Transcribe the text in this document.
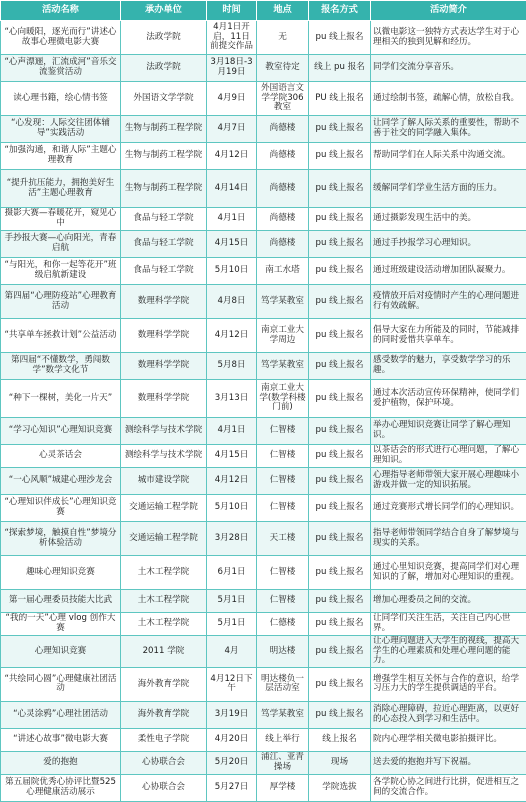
活动名称	承办单位	时间	地点	报名方式	活动简介
“心向暖阳，逐光而行”讲述心故事心理微电影大赛	法政学院	4月1日开启，11日前提交作品	无	pu 线上报名	以微电影这一独特方式表达学生对于心理相关的独到见解和经历。
“心声漂逦，汇流成河”音乐交流鉴赏活动	法政学院	3月18日-3月19日	教室待定	线上 pu 报名	同学们交流分享音乐。
读心理书籍，绘心情书签	外国语文学学院	4月9日	外国语言文学学院306教室	PU 线上报名	通过绘制书签，疏解心情，放松自我。
“心发现：人际交往团体辅导”实践活动	生物与制药工程学院	4月7日	尚德楼	pu 线上报名	让同学了解人际关系的重要性，帮助不善于社交的同学融入集体。
“加强沟通，和谐人际”主题心理教育	生物与制药工程学院	4月12日	尚德楼	pu 线上报名	帮助同学们在人际关系中沟通交流。
“提升抗压能力，拥抱美好生活”主题心理教育	生物与制药工程学院	4月14日	尚德楼	pu 线上报名	缓解同学们学业生活方面的压力。
摄影大赛—春暖花开，窥见心中	食品与轻工学院	4月1日	尚德楼	pu 线上报名	通过摄影发现生活中的美。
手抄报大赛—心向阳光，青春启航	食品与轻工学院	4月15日	尚德楼	pu 线上报名	通过手抄报学习心理知识。
“与阳光，和你一起等花开”班级启航新建设	食品与轻工学院	5月10日	南工水塔	pu 线上报名	通过班级建设活动增加团队凝聚力。
第四届“心理防疫站”心理教育活动	数理科学学院	4月8日	笃学某教室	pu 线上报名	疫情放开后对疫情时产生的心理问题进行有效疏解。
“共享单车拯救计划”公益活动	数理科学学院	4月12日	南京工业大学周边	pu 线上报名	倡导大家在力所能及的同时，节能减排的同时爱惜共享单车。
第四届“不懂数学，勇闯数学”数学文化节	数理科学学院	5月8日	笃学某教室	pu 线上报名	感受数学的魅力，享受数学学习的乐趣。
“种下一棵树，美化一片天”	数理科学学院	3月13日	南京工业大学(数学科楼门前)	pu 线上报名	通过本次活动宣传环保精神，使同学们爱护植物，保护环境。
“学习心知识”心理知识竞赛	测绘科学与技术学院	4月1日	仁智楼	pu 线上报名	举办心理知识竞赛让同学了解心理知识。
心灵茶话会	测绘科学与技术学院	4月15日	仁智楼	pu 线上报名	以茶话会的形式进行心理问题，了解心理知识。
“一心风顺”城建心理沙龙会	城市建设学院	4月12日	仁智楼	pu 线上报名	心理指导老师带领大家开展心理趣味小游戏并做一定的知识拓展。
“心理知识伴成长”心理知识竞赛	交通运输工程学院	5月10日	仁智楼	pu 线上报名	通过竞赛形式增长同学们的心理知识。
“探索梦境，触摸自性”梦境分析体验活动	交通运输工程学院	3月28日	天工楼	pu 线上报名	指导老师带领同学结合自身了解梦境与现实的关系。
趣味心理知识竞赛	土木工程学院	6月1日	仁智楼	pu 线上报名	通过心里知识竞赛，提高同学们对心理知识的了解，增加对心理知识的重视。
第一届心理委员技能大比武	土木工程学院	5月1日	仁智楼	pu 线上报名	增加心理委员之间的交流。
“我的一天”心理 vlog 创作大赛	土木工程学院	5月1日	仁德楼	pu 线上报名	让同学们关注生活，关注自己内心世界。
心理知识竞赛	2011 学院	4月	明达楼	pu 线上报名	让心理问题进入大学生的视线，提高大学生的心理素质和处理心理问题的能力。
“共绘同心圆”心理健康社团活动	海外教育学院	4月12日下午	明达楼负一层活动室	pu 线上报名	增强学生相互关怀与合作的意识，给学习压力大的学生提供调适的平台。
“心灵涂鸦”心理社团活动	海外教育学院	3月19日	笃学某教室	pu 线上报名	消除心理障碍，拉近心理距离，以更好的心态投入到学习和生活中。
“讲述心故事”微电影大赛	柔性电子学院	4月20日	线上举行	线上报名	院内心理学相关微电影拍摄评比。
爱的抱抱	心协联合会	5月20日	浦江、亚青操场	现场	送去爱的抱抱并写下祝福。
第五届院优秀心协评比暨525心理健康活动展示	心协联合会	5月27日	厚学楼	学院选拔	各学院心协之间进行比拼，促进相互之间的交流合作。
